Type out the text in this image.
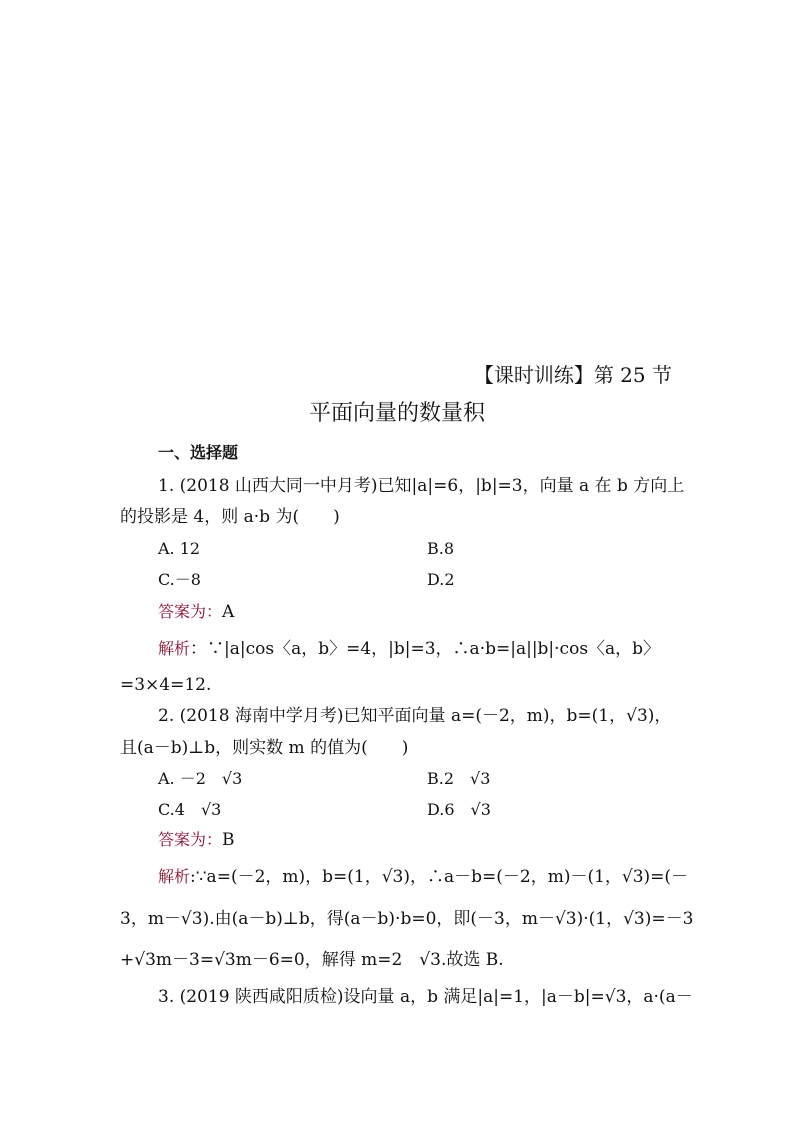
【课时训练】第 25 节
平面向量的数量积
一、选择题
1. (2018 山西大同一中月考)已知|a|=6，|b|=3，向量 a 在 b 方向上
的投影是 4，则 a·b 为(　　)
A. 12	B.8
C.－8	D.2
答案为：A
解析：∵|a|cos〈a，b〉=4，|b|=3，∴a·b=|a||b|·cos〈a，b〉
=3×4=12.
2. (2018 海南中学月考)已知平面向量 a=(－2，m)，b=(1，√3)，
且(a－b)⊥b，则实数 m 的值为(　　)
A. －2　√3	B.2　√3
C.4　√3	D.6　√3
答案为：B
解析:∵a=(－2，m)，b=(1，√3)，∴a－b=(－2，m)－(1，√3)=(－
3，m－√3).由(a－b)⊥b，得(a－b)·b=0，即(－3，m－√3)·(1，√3)=－3
+√3m－3=√3m－6=0，解得 m=2　√3.故选 B.
3. (2019 陕西咸阳质检)设向量 a，b 满足|a|=1，|a－b|=√3，a·(a－
